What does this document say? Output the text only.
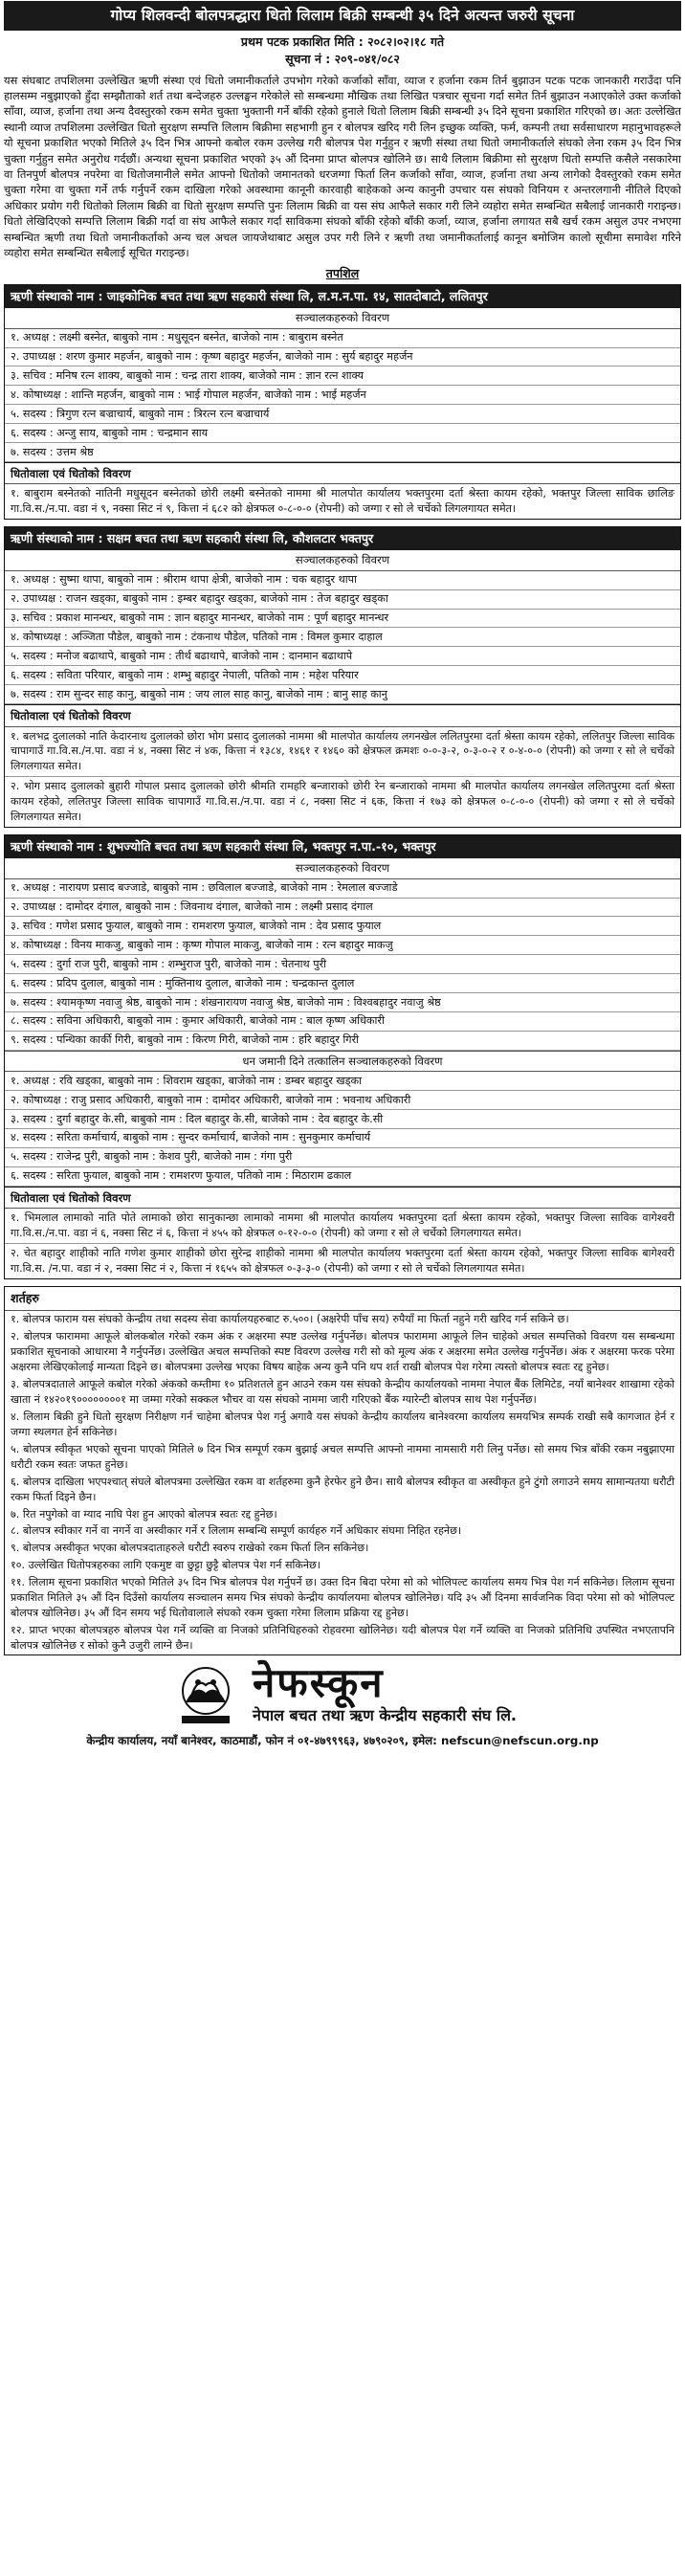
गोप्य शिलवन्दी बोलपत्रद्धारा धितो लिलाम बिक्री सम्बन्धी ३५ दिने अत्यन्त जरुरी सूचना
प्रथम पटक प्रकाशित मिति : २०८२।०२।१८ गते
सूचना नं : २०९-०४१/०८२
यस संघबाट तपशिलमा उल्लेखित ऋणी संस्था एवं धितो जमानीकर्ताले उपभोग गरेको कर्जाको साँवा, व्याज र हर्जाना रकम तिर्न बुझाउन पटक पटक जानकारी गराउँदा पनि हालसम्म नबुझाएको हुँदा सम्झौताको शर्त तथा बन्देजहरु उल्लङ्घन गरेकोले सो सम्बन्धमा मौखिक तथा लिखित पत्रचार सूचना गर्दा समेत तिर्न बुझाउन नआएकोले उक्त कर्जाको साँवा, व्याज, हर्जाना तथा अन्य दैवस्तुरको रकम समेत चुक्ता भुक्तानी गर्ने बाँकी रहेको हुनाले धितो लिलाम बिक्री सम्बन्धी ३५ दिने सूचना प्रकाशित गरिएको छ। अतः उल्लेखित स्थानी व्याज तपशिलमा उल्लेखित धितो सुरक्षण सम्पत्ति लिलाम बिक्रीमा सहभागी हुन र बोलपत्र खरिद गरी लिन इच्छुक व्यक्ति, फर्म, कम्पनी तथा सर्वसाधारण महानुभावहरूले यो सूचना प्रकाशित भएको मितिले ३५ दिन भित्र आफ्नो कबोल रकम उल्लेख गरी बोलपत्र पेश गर्नुहुन र ऋणी संस्था तथा धितो जमानीकर्ताले संघको लेना रकम ३५ दिन भित्र चुक्ता गर्नुहुन समेत अनुरोध गर्दछौं। अन्यथा सूचना प्रकाशित भएको ३५ औं दिनमा प्राप्त बोलपत्र खोलिने छ। साथै लिलाम बिक्रीमा सो सुरक्षण धितो सम्पत्ति कसैले नसकारेमा वा तिनपुर्ण बोलपत्र नपरेमा वा धितोजमानीले समेत आफ्नो धितोको जमानतको धरजग्गा फिर्ता लिन कर्जाको साँवा, व्याज, हर्जाना तथा अन्य लागेको दैवस्तुरको रकम समेत चुक्ता गरेमा वा चुक्ता गर्ने तर्फ गर्नुपर्ने रकम दाखिला गरेको अवस्थामा कानूनी कारवाही बाहेकको अन्य कानुनी उपचार यस संघको विनियम र अन्तरलगानी नीतिले दिएको अधिकार प्रयोग गरी धितोको लिलाम बिक्री वा धितो सुरक्षण सम्पत्ति पुनः लिलाम बिक्री वा यस संघ आफैले सकार गरी लिने व्यहोरा समेत सम्बन्धित सबैलाई जानकारी गराइन्छ। धितो लेखिदिएको सम्पत्ति लिलाम बिक्री गर्दा वा संघ आफैले सकार गर्दा साविकमा संघको बाँकी रहेको बाँकी कर्जा, व्याज, हर्जाना लगायत सबै खर्च रकम असुल उपर नभएमा सम्बन्धित ऋणी तथा धितो जमानीकर्ताको अन्य चल अचल जायजेथाबाट असुल उपर गरी लिने र ऋणी तथा जमानीकर्तालाई कानून बमोजिम कालो सूचीमा समावेश गरिने व्यहोरा समेत सम्बन्धित सबैलाई सूचित गराइन्छ।
तपशिल
ऋणी संस्थाको नाम : जाइकोनिक बचत तथा ऋण सहकारी संस्था लि, ल.म.न.पा. १४, सातदोबाटो, ललितपुर
सञ्चालकहरुको विवरण
१. अध्यक्ष : लक्ष्मी बस्नेत, बाबुको नाम : मधुसूदन बस्नेत, बाजेको नाम : बाबुराम बस्नेत
२. उपाध्यक्ष : शरण कुमार महर्जन, बाबुको नाम : कृष्ण बहादुर महर्जन, बाजेको नाम : सुर्य बहादुर महर्जन
३. सचिव : मनिष रत्न शाक्य, बाबुको नाम : चन्द्र तारा शाक्य, बाजेको नाम : ज्ञान रत्न शाक्य
४. कोषाध्यक्ष : शान्ति महर्जन, बाबुको नाम : भाई गोपाल महर्जन, बाजेको नाम : भाई महर्जन
५. सदस्य : त्रिगुण रत्न बज्राचार्य, बाबुको नाम : त्रिरत्न रत्न बज्राचार्य
६. सदस्य : अन्जु साय, बाबुको नाम : चन्द्रमान साय
७. सदस्य : उत्तम श्रेष्ठ
धितोवाला एवं धितोको विवरण
१. बाबुराम बस्नेतको नातिनी मधुसूदन बस्नेतको छोरी लक्ष्मी बस्नेतको नाममा श्री मालपोत कार्यालय भक्तपुरमा दर्ता श्रेस्ता कायम रहेको, भक्तपुर जिल्ला साविक छालिङ गा.वि.स./न.पा. वडा नं ९, नक्सा सिट नं ९, कित्ता नं ६८२ को क्षेत्रफल ०-८-०-० (रोपनी) को जग्गा र सो ले चर्चेको लिगलगायत समेत।
ऋणी संस्थाको नाम : सक्षम बचत तथा ऋण सहकारी संस्था लि, कौशलटार भक्तपुर
सञ्चालकहरुको विवरण
१. अध्यक्ष : सुष्मा थापा, बाबुको नाम : श्रीराम थापा क्षेत्री, बाजेको नाम : चक बहादुर थापा
२. उपाध्यक्ष : राजन खड्का, बाबुको नाम : इम्बर बहादुर खड्का, बाजेको नाम : तेज बहादुर खड्का
३. सचिव : प्रकाश मानन्धर, बाबुको नाम : ज्ञान बहादुर मानन्धर, बाजेको नाम : पूर्ण बहादुर मानन्धर
४. कोषाध्यक्ष : अञ्जिता पौडेल, बाबुको नाम : टंकनाथ पौडेल, पतिको नाम : विमल कुमार दाहाल
५. सदस्य : मनोज बढाथापे, बाबुको नाम : तीर्थ बढाथापे, बाजेको नाम : दानमान बढाथापे
६. सदस्य : सविता परियार, बाबुको नाम : शम्भु बहादुर नेपाली, पतिको नाम : महेश परियार
७. सदस्य : राम सुन्दर साह कानु, बाबुको नाम : जय लाल साह कानु, बाजेको नाम : बानु साह कानु
धितोवाला एवं धितोको विवरण
१. बलभद्र दुलालको नाति केदारनाथ दुलालको छोरा भोग प्रसाद दुलालको नाममा श्री मालपोत कार्यालय लगनखेल ललितपुरमा दर्ता श्रेस्ता कायम रहेको, ललितपुर जिल्ला साविक चापागाउँ गा.वि.स./न.पा. वडा नं ४, नक्सा सिट नं ४क, कित्ता नं १३८४, १४६१ र १४६० को क्षेत्रफल क्रमशः ०-०-३-२, ०-३-०-२ र ०-४-०-० (रोपनी) को जग्गा र सो ले चर्चेको लिगलगायत समेत।
२. भोग प्रसाद दुलालको बुहारी गोपाल प्रसाद दुलालको छोरी श्रीमति रामहरि बन्जाराको छोरी रेन बन्जाराको नाममा श्री मालपोत कार्यालय लगनखेल ललितपुरमा दर्ता श्रेस्ता कायम रहेको, ललितपुर जिल्ला साविक चापागाउँ गा.वि.स./न.पा. वडा नं ८, नक्सा सिट नं ६क, कित्ता नं १७३ को क्षेत्रफल ०-८-०-० (रोपनी) को जग्गा र सो ले चर्चेको लिगलगायत समेत।
ऋणी संस्थाको नाम : शुभज्योति बचत तथा ऋण सहकारी संस्था लि, भक्तपुर न.पा.-१०, भक्तपुर
सञ्चालकहरुको विवरण
१. अध्यक्ष : नारायण प्रसाद बज्जाडे, बाबुको नाम : छविलाल बज्जाडे, बाजेको नाम : रेमलाल बज्जाडे
२. उपाध्यक्ष : दामोदर दंगाल, बाबुको नाम : जिवनाथ दंगाल, बाजेको नाम : लक्ष्मी प्रसाद दंगाल
३. सचिव : गणेश प्रसाद फुयाल, बाबुको नाम : रामशरण फुयाल, बाजेको नाम : देव प्रसाद फुयाल
४. कोषाध्यक्ष : विनय माकजु, बाबुको नाम : कृष्ण गोपाल माकजु, बाजेको नाम : रत्न बहादुर माकजु
५. सदस्य : दुर्गा राज पुरी, बाबुको नाम : शम्भुराज पुरी, बाजेको नाम : चेतनाथ पुरी
६. सदस्य : प्रदिप दुलाल, बाबुको नाम : मुक्तिनाथ दुलाल, बाजेको नाम : चन्द्रकान्त दुलाल
७. सदस्य : श्यामकृष्ण नवाजु श्रेष्ठ, बाबुको नाम : शंखनारायण नवाजु श्रेष्ठ, बाजेको नाम : विश्वबहादुर नवाजु श्रेष्ठ
८. सदस्य : सविना अधिकारी, बाबुको नाम : कुमार अधिकारी, बाजेको नाम : बाल कृष्ण अधिकारी
९. सदस्य : पन्थिका कार्की गिरी, बाबुको नाम : किरण गिरी, बाजेको नाम : हरि बहादुर गिरी
धन जमानी दिने तत्कालिन सञ्चालकहरुको विवरण
१. अध्यक्ष : रवि खड्का, बाबुको नाम : शिवराम खड्का, बाजेको नाम : डम्बर बहादुर खड्का
२. कोषाध्यक्ष : राजु प्रसाद अधिकारी, बाबुको नाम : दामोदर अधिकारी, बाजेको नाम : भवनाथ अधिकारी
३. सदस्य : दुर्गा बहादुर के.सी, बाबुको नाम : दिल बहादुर के.सी, बाजेको नाम : देव बहादुर के.सी
४. सदस्य : सरिता कर्माचार्य, बाबुको नाम : सुन्दर कर्माचार्य, बाजेको नाम : सुनकुमार कर्माचार्य
५. सदस्य : राजेन्द्र पुरी, बाबुको नाम : केशव पुरी, बाजेको नाम : गंगा पुरी
६. सदस्य : सरिता फुयाल, बाबुको नाम : रामशरण फुयाल, पतिको नाम : मिठाराम ढकाल
धितोवाला एवं धितोको विवरण
१. भिमलाल लामाको नाति पोते लामाको छोरा सानुकान्छा लामाको नाममा श्री मालपोत कार्यालय भक्तपुरमा दर्ता श्रेस्ता कायम रहेको, भक्तपुर जिल्ला साविक वागेश्वरी गा.वि.स./न.पा. वडा नं ६, नक्सा सिट नं ६, कित्ता नं ४५५ को क्षेत्रफल ०-१२-०-० (रोपनी) को जग्गा र सो ले चर्चेको लिगलगायत समेत।
२. चेत बहादुर शाहीको नाति गणेश कुमार शाहीको छोरा सुरेन्द्र शाहीको नाममा श्री मालपोत कार्यालय भक्तपुरमा दर्ता श्रेस्ता कायम रहेको, भक्तपुर जिल्ला साविक बागेश्वरी गा.वि.स. /न.पा. वडा नं २, नक्सा सिट नं २, कित्ता नं १६५५ को क्षेत्रफल ०-३-३-० (रोपनी) को जग्गा र सो ले चर्चेको लिगलगायत समेत।
शर्तहरु
१. बोलपत्र फाराम यस संघको केन्द्रीय तथा सदस्य सेवा कार्यालयहरुबाट रु.५००। (अक्षरेपी पाँच सय) रुपैयाँ मा फिर्ता नहुने गरी खरिद गर्न सकिने छ।
२. बोलपत्र फाराममा आफूले बोलकबोल गरेको रकम अंक र अक्षरमा स्पष्ट उल्लेख गर्नुपर्नेछ। बोलपत्र फाराममा आफूले लिन चाहेको अचल सम्पत्तिको विवरण यस सम्बन्धमा प्रकाशित सूचनाको आधारमा नै गर्नुपर्नेछ। उल्लेखित अचल सम्पत्तिको स्पष्ट विवरण उल्लेख गरी सो को मूल्य अंक र अक्षरमा समेत उल्लेख गर्नुपर्नेछ। अंक र अक्षरमा फरक परेमा अक्षरमा लेखिएकोलाई मान्यता दिइने छ। बोलपत्रमा उल्लेख भएका विषय बाहेक अन्य कुनै पनि थप शर्त राखी बोलपत्र पेश गरेमा त्यस्तो बोलपत्र स्वतः रद्द हुनेछ।
३. बोलपत्रदाताले आफूले कबोल गरेको अंकको कम्तीमा १० प्रतिशतले हुन आउने रकम यस संघको केन्द्रीय कार्यालयको नाममा नेपाल बैंक लिमिटेड, नयाँ बानेश्वर शाखामा रहेको खाता नं १४२०१९००००००००१ मा जम्मा गरेको सक्कल भौचर वा यस संघको नाममा जारी गरिएको बैंक ग्यारेन्टी बोलपत्र साथ पेश गर्नुपर्नेछ।
४. लिलाम बिक्री हुने धितो सुरक्षण निरीक्षण गर्न चाहेमा बोलपत्र पेश गर्नु अगावै यस संघको केन्द्रीय कार्यालय बानेश्वरमा कार्यालय समयभित्र सम्पर्क राखी सबै कागजात हेर्न र जग्गा स्थलगत हेर्न सकिनेछ।
५. बोलपत्र स्वीकृत भएको सूचना पाएको मितिले ७ दिन भित्र सम्पूर्ण रकम बुझाई अचल सम्पत्ति आफ्नो नाममा नामसारी गरी लिनु पर्नेछ। सो समय भित्र बाँकी रकम नबुझाएमा धरौटी रकम स्वतः जफत हुनेछ।
६. बोलपत्र दाखिला भएपश्चात् संघले बोलपत्रमा उल्लेखित रकम वा शर्तहरुमा कुनै हेरफेर हुने छैन। साथै बोलपत्र स्वीकृत वा अस्वीकृत हुने टुंगो लगाउने समय सामान्यतया धरौटी रकम फिर्ता दिइने छैन।
७. रित नपुगेको वा म्याद नाघि पेश हुन आएको बोलपत्र स्वतः रद्द हुनेछ।
८. बोलपत्र स्वीकार गर्ने वा नगर्ने वा अस्वीकार गर्ने र लिलाम सम्बन्धि सम्पूर्ण कार्यहरु गर्ने अधिकार संघमा निहित रहनेछ।
९. बोलपत्र अस्वीकृत भएका बोलपत्रदाताहरुले धरौटी स्वरुप राखेको रकम फिर्ता लिन सकिनेछ।
१०. उल्लेखित धितोपत्रहरुका लागि एकमुष्ट वा छुट्टा छुट्टै बोलपत्र पेश गर्न सकिनेछ।
११. लिलाम सूचना प्रकाशित भएको मितिले ३५ दिन भित्र बोलपत्र पेश गर्नुपर्ने छ। उक्त दिन बिदा परेमा सो को भोलिपल्ट कार्यालय समय भित्र पेश गर्न सकिनेछ। लिलाम सूचना प्रकाशित मितिले ३५ औं दिन दिउँसो कार्यालय सञ्चालन समय भित्र संघको केन्द्रीय कार्यालयमा बोलपत्र खोलिनेछ। यदि ३५ औं दिनमा सार्वजनिक विदा परेमा सो को भोलिपल्ट बोलपत्र खोलिनेछ। ३५ औं दिन समय भई धितोवालाले संघको रकम चुक्ता गरेमा लिलाम प्रक्रिया रद्द हुनेछ।
१२. प्राप्त भएका बोलपत्रहरु बोलपत्र पेश गर्ने व्यक्ति वा निजको प्रतिनिधिहरुको रोहवरमा खोलिनेछ। यदी बोलपत्र पेश गर्ने व्यक्ति वा निजको प्रतिनिधि उपस्थित नभएतापनि बोलपत्र खोलिनेछ र सोको कुनै उजुरी लाग्ने छैन।
नेफस्कून
नेपाल बचत तथा ऋण केन्द्रीय सहकारी संघ लि.
केन्द्रीय कार्यालय, नयाँ बानेश्वर, काठमाडौं, फोन नं ०१-४७९९९६३, ४७९०२०९, इमेल: nefscun@nefscun.org.np
